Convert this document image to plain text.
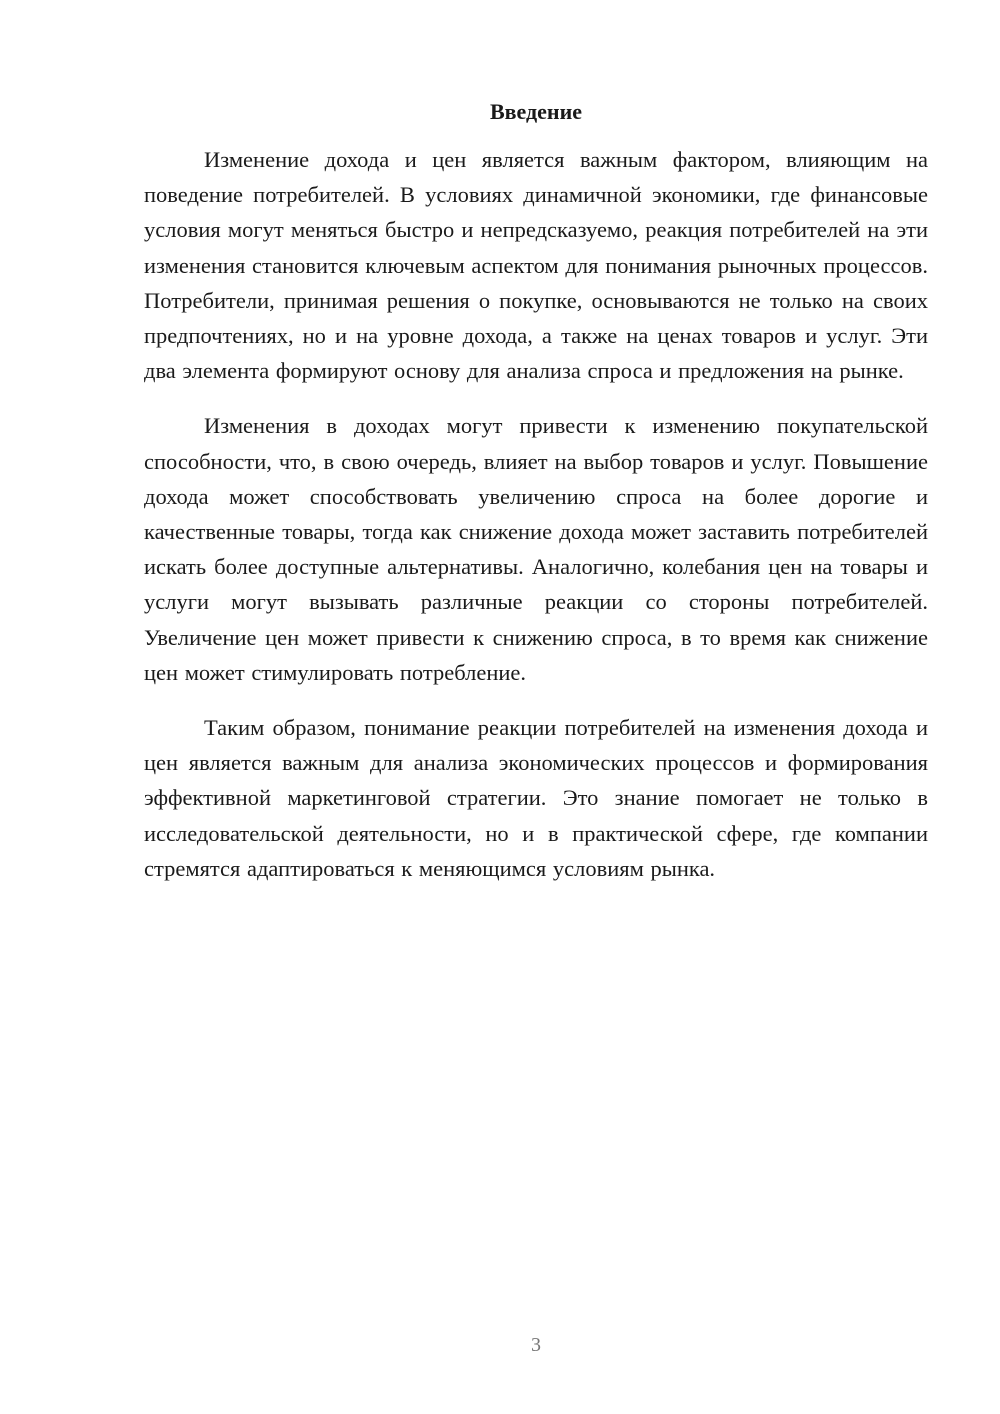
Введение

Изменение дохода и цен является важным фактором, влияющим на поведение потребителей. В условиях динамичной экономики, где финансовые условия могут меняться быстро и непредсказуемо, реакция потребителей на эти изменения становится ключевым аспектом для понимания рыночных процессов. Потребители, принимая решения о покупке, основываются не только на своих предпочтениях, но и на уровне дохода, а также на ценах товаров и услуг. Эти два элемента формируют основу для анализа спроса и предложения на рынке.

Изменения в доходах могут привести к изменению покупательской способности, что, в свою очередь, влияет на выбор товаров и услуг. Повышение дохода может способствовать увеличению спроса на более дорогие и качественные товары, тогда как снижение дохода может заставить потребителей искать более доступные альтернативы. Аналогично, колебания цен на товары и услуги могут вызывать различные реакции со стороны потребителей. Увеличение цен может привести к снижению спроса, в то время как снижение цен может стимулировать потребление.

Таким образом, понимание реакции потребителей на изменения дохода и цен является важным для анализа экономических процессов и формирования эффективной маркетинговой стратегии. Это знание помогает не только в исследовательской деятельности, но и в практической сфере, где компании стремятся адаптироваться к меняющимся условиям рынка.

3
